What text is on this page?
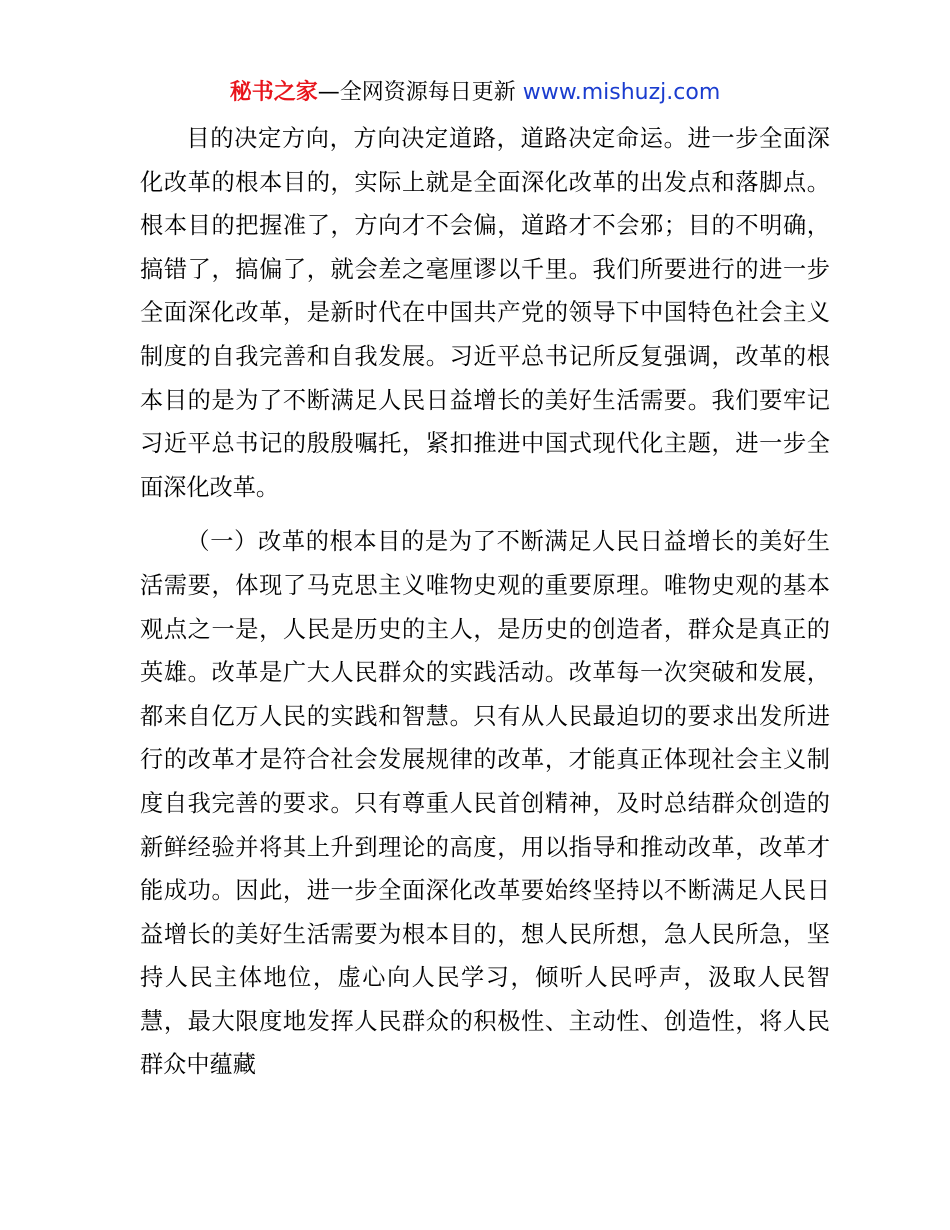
秘书之家—全网资源每日更新 www.mishuzj.com

目的决定方向，方向决定道路，道路决定命运。进一步全面深化改革的根本目的，实际上就是全面深化改革的出发点和落脚点。根本目的把握准了，方向才不会偏，道路才不会邪；目的不明确，搞错了，搞偏了，就会差之毫厘谬以千里。我们所要进行的进一步全面深化改革，是新时代在中国共产党的领导下中国特色社会主义制度的自我完善和自我发展。习近平总书记所反复强调，改革的根本目的是为了不断满足人民日益增长的美好生活需要。我们要牢记习近平总书记的殷殷嘱托，紧扣推进中国式现代化主题，进一步全面深化改革。

（一）改革的根本目的是为了不断满足人民日益增长的美好生活需要，体现了马克思主义唯物史观的重要原理。唯物史观的基本观点之一是，人民是历史的主人，是历史的创造者，群众是真正的英雄。改革是广大人民群众的实践活动。改革每一次突破和发展，都来自亿万人民的实践和智慧。只有从人民最迫切的要求出发所进行的改革才是符合社会发展规律的改革，才能真正体现社会主义制度自我完善的要求。只有尊重人民首创精神，及时总结群众创造的新鲜经验并将其上升到理论的高度，用以指导和推动改革，改革才能成功。因此，进一步全面深化改革要始终坚持以不断满足人民日益增长的美好生活需要为根本目的，想人民所想，急人民所急，坚持人民主体地位，虚心向人民学习，倾听人民呼声，汲取人民智慧，最大限度地发挥人民群众的积极性、主动性、创造性，将人民群众中蕴藏
